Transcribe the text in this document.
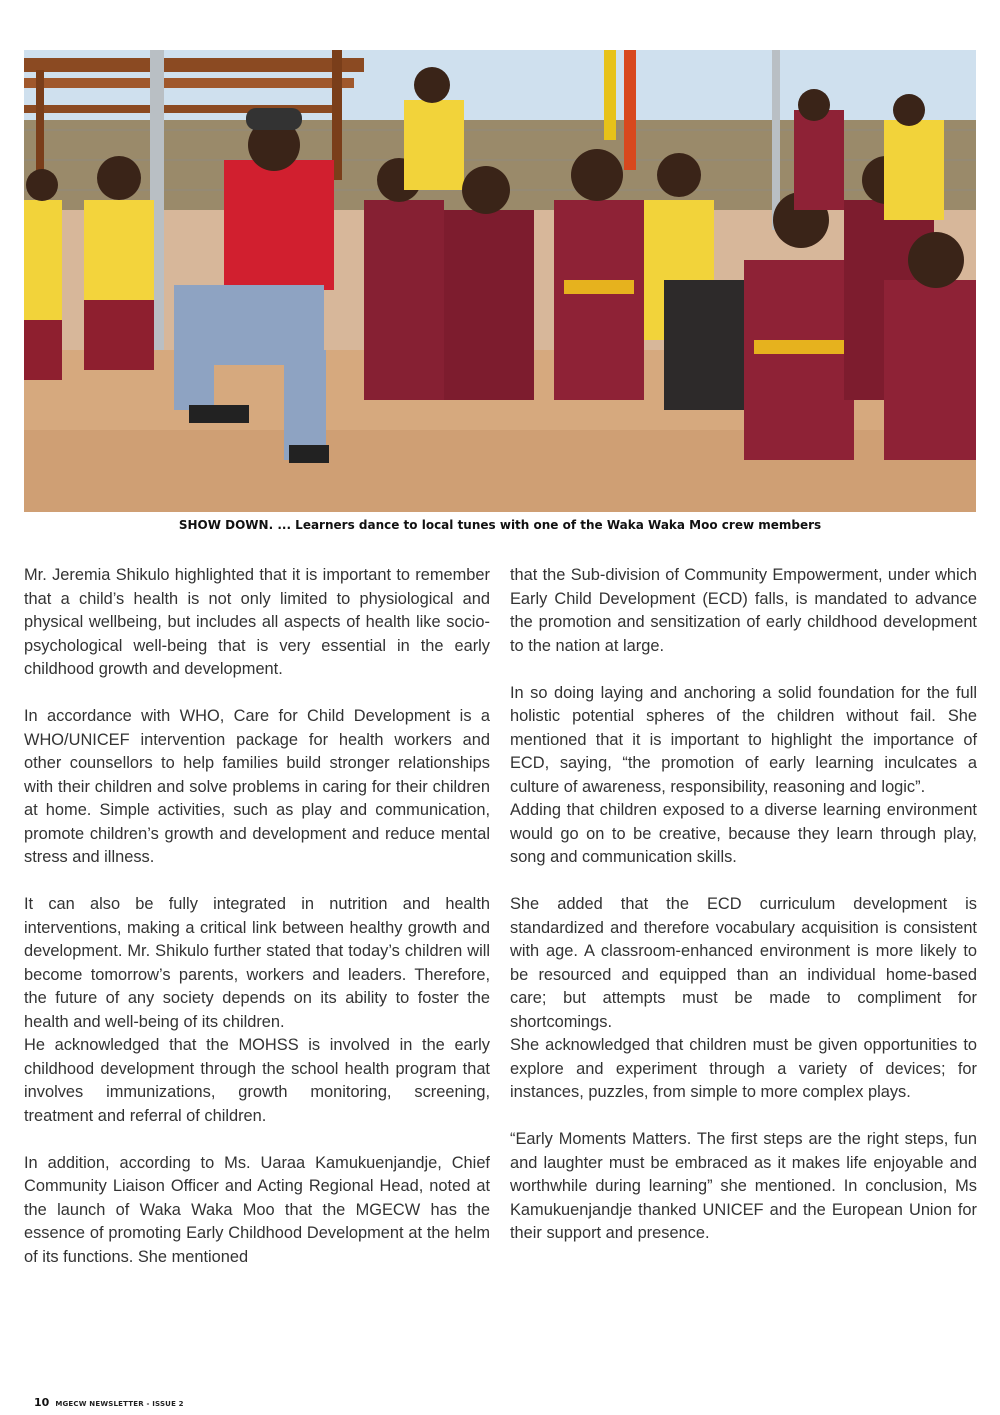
SHOW DOWN. ... Learners dance to local tunes with one of the Waka Waka Moo crew members

Mr. Jeremia Shikulo highlighted that it is important to remember that a child’s health is not only limited to physiological and physical wellbeing, but includes all aspects of health like socio-psychological well-being that is very essential in the early childhood growth and development.

In accordance with WHO, Care for Child Development is a WHO/UNICEF intervention package for health workers and other counsellors to help families build stronger relationships with their children and solve problems in caring for their children at home. Simple activities, such as play and communication, promote children’s growth and development and reduce mental stress and illness.

It can also be fully integrated in nutrition and health interventions, making a critical link between healthy growth and development. Mr. Shikulo further stated that today’s children will become tomorrow’s parents, workers and leaders. Therefore, the future of any society depends on its ability to foster the health and well-being of its children.

He acknowledged that the MOHSS is involved in the early childhood development through the school health program that involves immunizations, growth monitoring, screening, treatment and referral of children.

In addition, according to Ms. Uaraa Kamukuenjandje, Chief Community Liaison Officer and Acting Regional Head, noted at the launch of Waka Waka Moo that the MGECW has the essence of promoting Early Childhood Development at the helm of its functions. She mentioned

that the Sub-division of Community Empowerment, under which Early Child Development (ECD) falls, is mandated to advance the promotion and sensitization of early childhood development to the nation at large.

In so doing laying and anchoring a solid foundation for the full holistic potential spheres of the children without fail. She mentioned that it is important to highlight the importance of ECD, saying, “the promotion of early learning inculcates a culture of awareness, responsibility, reasoning and logic”.

Adding that children exposed to a diverse learning environment would go on to be creative, because they learn through play, song and communication skills.

She added that the ECD curriculum development is standardized and therefore vocabulary acquisition is consistent with age. A classroom-enhanced environment is more likely to be resourced and equipped than an individual home-based care; but attempts must be made to compliment for shortcomings.

She acknowledged that children must be given opportunities to explore and experiment through a variety of devices; for instances, puzzles, from simple to more complex plays.

“Early Moments Matters. The first steps are the right steps, fun and laughter must be embraced as it makes life enjoyable and worthwhile during learning” she mentioned. In conclusion, Ms Kamukuenjandje thanked UNICEF and the European Union for their support and presence.

10 MGECW NEWSLETTER - ISSUE 2
